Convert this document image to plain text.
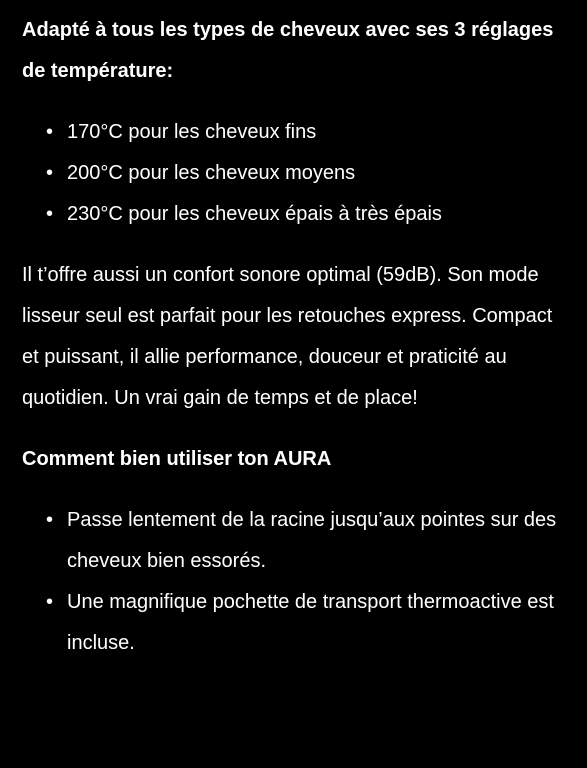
Adapté à tous les types de cheveux avec ses 3 réglages de température:
• 170°C pour les cheveux fins
• 200°C pour les cheveux moyens
• 230°C pour les cheveux épais à très épais

Il t’offre aussi un confort sonore optimal (59dB). Son mode lisseur seul est parfait pour les retouches express. Compact et puissant, il allie performance, douceur et praticité au quotidien. Un vrai gain de temps et de place!

Comment bien utiliser ton AURA
• Passe lentement de la racine jusqu’aux pointes sur des cheveux bien essorés.
• Une magnifique pochette de transport thermoactive est incluse.
